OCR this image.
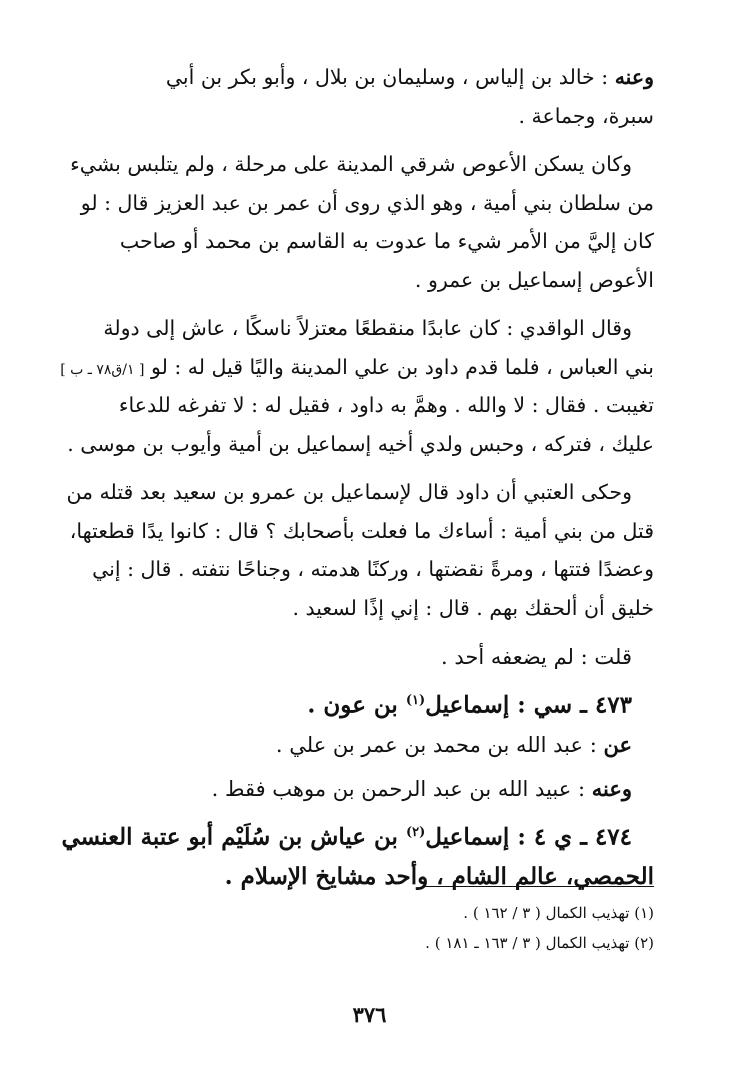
وعنه : خالد بن إلياس ، وسليمان بن بلال ، وأبو بكر بن أبي
سبرة، وجماعة .
وكان يسكن الأعوص شرقي المدينة على مرحلة ، ولم يتلبس بشيء
من سلطان بني أمية ، وهو الذي روى أن عمر بن عبد العزيز قال : لو
كان إليَّ من الأمر شيء ما عدوت به القاسم بن محمد أو صاحب
الأعوص إسماعيل بن عمرو .
وقال الواقدي : كان عابدًا منقطعًا معتزلاً ناسكًا ، عاش إلى دولة
بني العباس ، فلما قدم داود بن علي المدينة واليًا قيل له : لو [ ١/ق٧٨ ـ ب ]
تغيبت . فقال : لا والله . وهمَّ به داود ، فقيل له : لا تفرغه للدعاء
عليك ، فتركه ، وحبس ولدي أخيه إسماعيل بن أمية وأيوب بن موسى .
وحكى العتبي أن داود قال لإسماعيل بن عمرو بن سعيد بعد قتله من
قتل من بني أمية : أساءك ما فعلت بأصحابك ؟ قال : كانوا يدًا قطعتها،
وعضدًا فتتها ، ومرةً نقضتها ، وركنًا هدمته ، وجناحًا نتفته . قال : إني
خليق أن ألحقك بهم . قال : إني إذًا لسعيد .
قلت : لم يضعفه أحد .
٤٧٣ ـ سي : إسماعيل$^{(١)}$ بن عون .
عن : عبد الله بن محمد بن عمر بن علي .
وعنه : عبيد الله بن عبد الرحمن بن موهب فقط .
٤٧٤ ـ ي ٤ : إسماعيل$^{(٢)}$ بن عياش بن سُلَيْم أبو عتبة العنسي
الحمصي، عالم الشام ، وأحد مشايخ الإسلام .
(١) تهذيب الكمال ( ٣ / ١٦٢ ) .
(٢) تهذيب الكمال ( ٣ / ١٦٣ ـ ١٨١ ) .
٣٧٦
